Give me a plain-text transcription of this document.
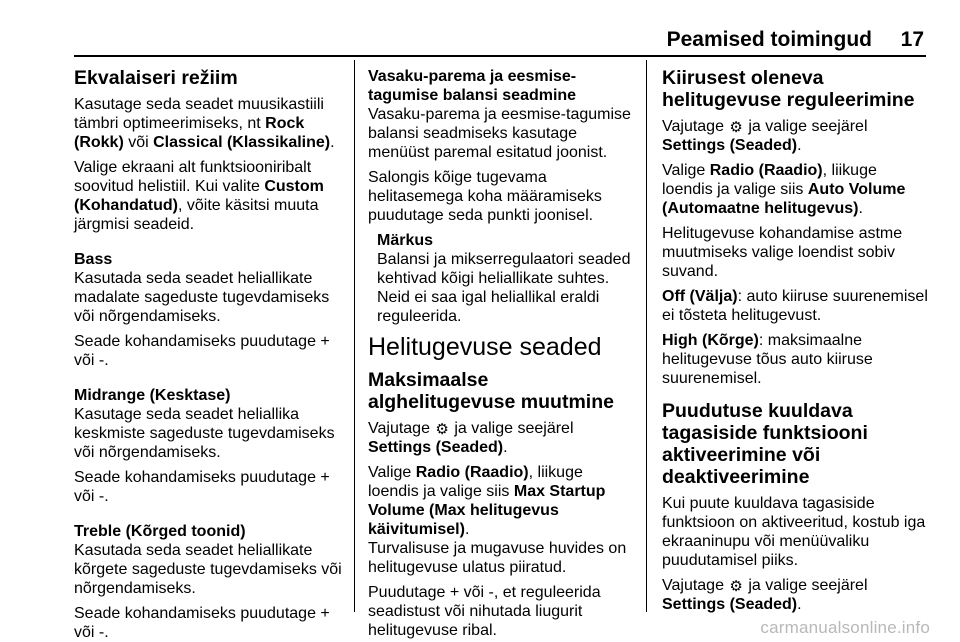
Peamised toimingud 17
Ekvalaiseri režiim

Kasutage seda seadet muusikastiili tämbri optimeerimiseks, nt Rock (Rokk) või Classical (Klassikaline).

Valige ekraani alt funktsiooniribalt soovitud helistiil. Kui valite Custom (Kohandatud), võite käsitsi muuta järgmisi seadeid.

Bass

Kasutada seda seadet heliallikate madalate sageduste tugevdamiseks või nõrgendamiseks.

Seade kohandamiseks puudutage + või -.

Midrange (Kesktase)

Kasutage seda seadet heliallika keskmiste sageduste tugevdamiseks või nõrgendamiseks.

Seade kohandamiseks puudutage + või -.

Treble (Kõrged toonid)

Kasutada seda seadet heliallikate kõrgete sageduste tugevdamiseks või nõrgendamiseks.

Seade kohandamiseks puudutage + või -.

Vasaku-parema ja eesmise-tagumise balansi seadmine

Vasaku-parema ja eesmise-tagumise balansi seadmiseks kasutage menüüst paremal esitatud joonist.

Salongis kõige tugevama helitasemega koha määramiseks puudutage seda punkti joonisel.

Märkus
Balansi ja mikserregulaatori seaded kehtivad kõigi heliallikate suhtes. Neid ei saa igal heliallikal eraldi reguleerida.
Helitugevuse seaded
Maksimaalse alghelitugevuse muutmine

Vajutage ⚙ ja valige seejärel Settings (Seaded).

Valige Radio (Raadio), liikuge loendis ja valige siis Max Startup Volume (Max helitugevus käivitumisel).
Turvalisuse ja mugavuse huvides on helitugevuse ulatus piiratud.

Puudutage + või -, et reguleerida seadistust või nihutada liugurit helitugevuse ribal.

Kiirusest oleneva helitugevuse reguleerimine

Vajutage ⚙ ja valige seejärel Settings (Seaded).

Valige Radio (Raadio), liikuge loendis ja valige siis Auto Volume (Automaatne helitugevus).

Helitugevuse kohandamise astme muutmiseks valige loendist sobiv suvand.

Off (Välja): auto kiiruse suurenemisel ei tõsteta helitugevust.

High (Kõrge): maksimaalne helitugevuse tõus auto kiiruse suurenemisel.

Puudutuse kuuldava tagasiside funktsiooni aktiveerimine või deaktiveerimine

Kui puute kuuldava tagasiside funktsioon on aktiveeritud, kostub iga ekraaninupu või menüüvaliku puudutamisel piiks.

Vajutage ⚙ ja valige seejärel Settings (Seaded).

carmanualsonline.info
